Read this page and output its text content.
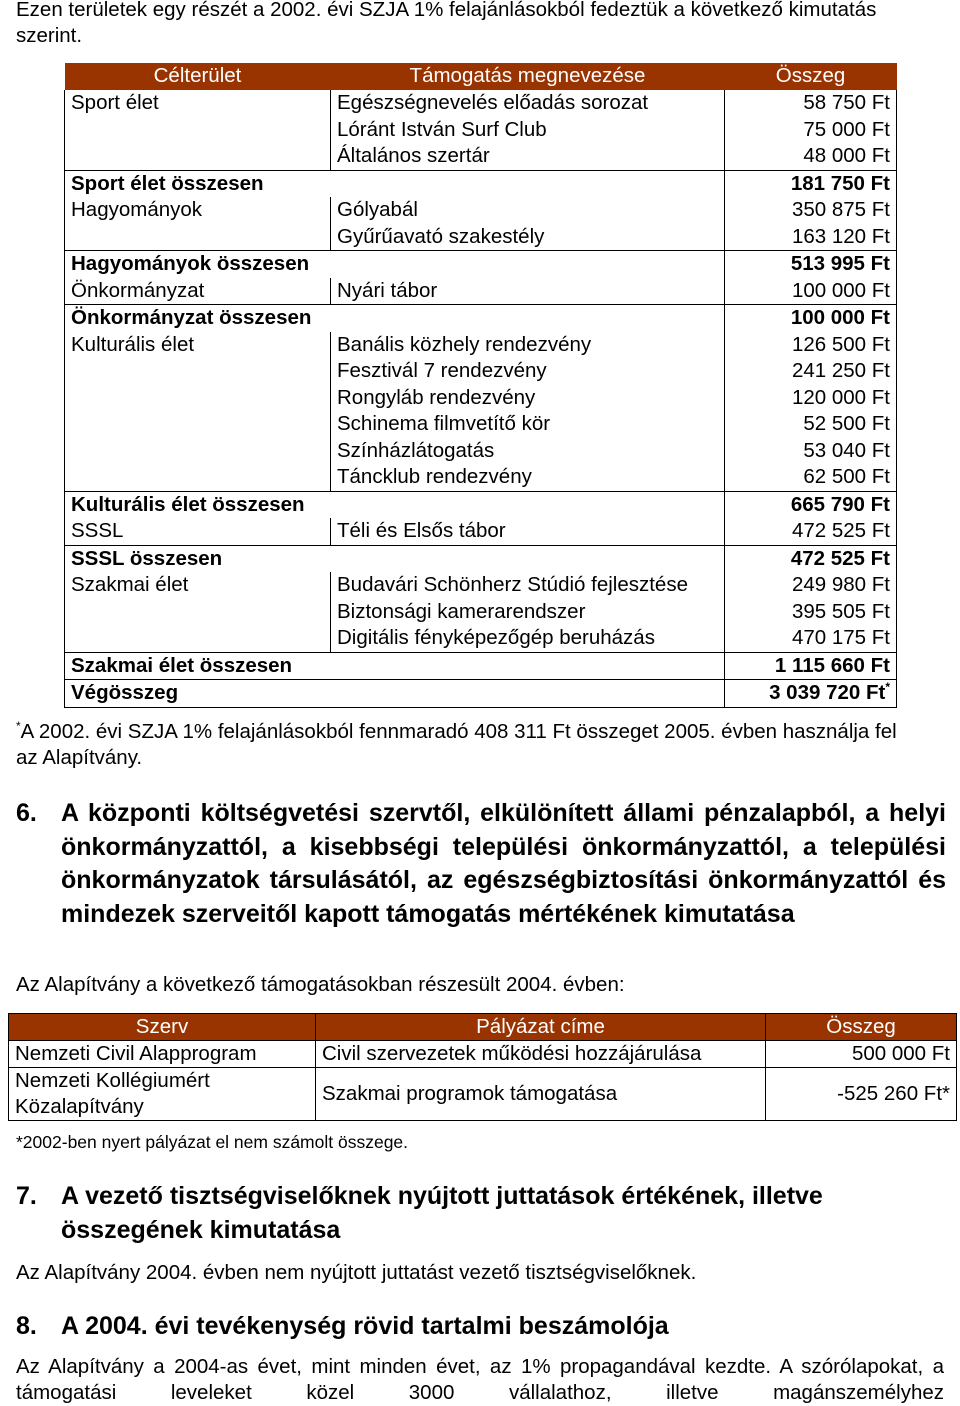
Ezen területek egy részét a 2002. évi SZJA 1% felajánlásokból fedeztük a következő kimutatás szerint.

Célterület	Támogatás megnevezése	Összeg
Sport élet	Egészségnevelés előadás sorozat	58 750 Ft
	Lóránt István Surf Club	75 000 Ft
	Általános szertár	48 000 Ft
Sport élet összesen		181 750 Ft
Hagyományok	Gólyabál	350 875 Ft
	Gyűrűavató szakestély	163 120 Ft
Hagyományok összesen		513 995 Ft
Önkormányzat	Nyári tábor	100 000 Ft
Önkormányzat összesen		100 000 Ft
Kulturális élet	Banális közhely rendezvény	126 500 Ft
	Fesztivál 7 rendezvény	241 250 Ft
	Rongyláb rendezvény	120 000 Ft
	Schinema filmvetítő kör	52 500 Ft
	Színházlátogatás	53 040 Ft
	Táncklub rendezvény	62 500 Ft
Kulturális élet összesen		665 790 Ft
SSSL	Téli és Elsős tábor	472 525 Ft
SSSL összesen		472 525 Ft
Szakmai élet	Budavári Schönherz Stúdió fejlesztése	249 980 Ft
	Biztonsági kamerarendszer	395 505 Ft
	Digitális fényképezőgép beruházás	470 175 Ft
Szakmai élet összesen		1 115 660 Ft
Végösszeg		3 039 720 Ft*

*A 2002. évi SZJA 1% felajánlásokból fennmaradó 408 311 Ft összeget 2005. évben használja fel az Alapítvány.

6. A központi költségvetési szervtől, elkülönített állami pénzalapból, a helyi önkormányzattól, a kisebbségi települési önkormányzattól, a települési önkormányzatok társulásától, az egészségbiztosítási önkormányzattól és mindezek szerveitől kapott támogatás mértékének kimutatása

Az Alapítvány a következő támogatásokban részesült 2004. évben:

Szerv	Pályázat címe	Összeg
Nemzeti Civil Alapprogram	Civil szervezetek működési hozzájárulása	500 000 Ft
Nemzeti Kollégiumért Közalapítvány	Szakmai programok támogatása	-525 260 Ft*

*2002-ben nyert pályázat el nem számolt összege.

7. A vezető tisztségviselőknek nyújtott juttatások értékének, illetve összegének kimutatása

Az Alapítvány 2004. évben nem nyújtott juttatást vezető tisztségviselőknek.

8. A 2004. évi tevékenység rövid tartalmi beszámolója

Az Alapítvány a 2004-as évet, mint minden évet, az 1% propagandával kezdte. A szórólapokat, a támogatási leveleket közel 3000 vállalathoz, illetve magánszemélyhez
